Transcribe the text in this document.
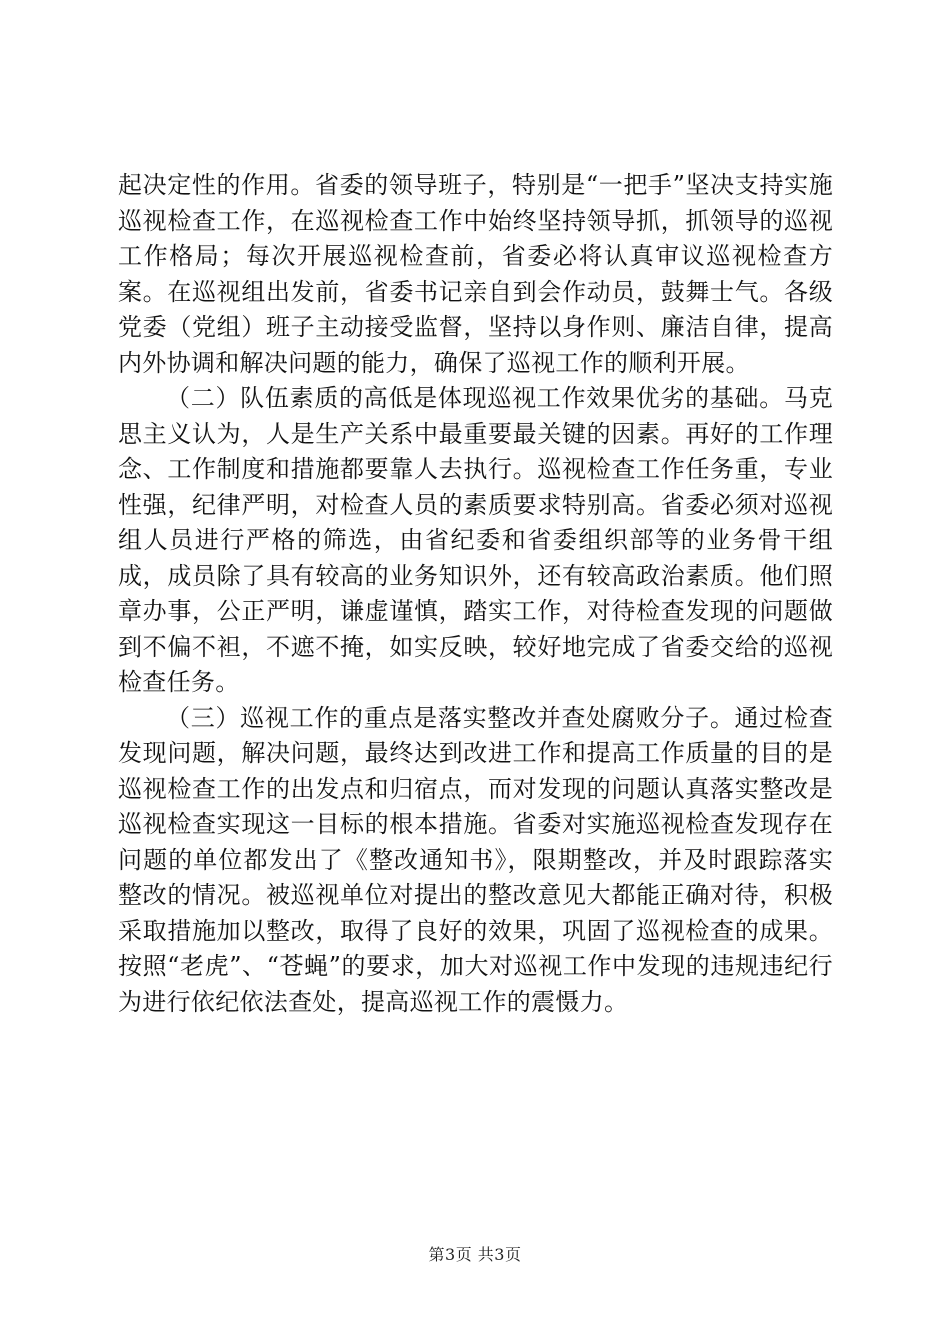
起决定性的作用。省委的领导班子，特别是“一把手”坚决支持实施巡视检查工作，在巡视检查工作中始终坚持领导抓，抓领导的巡视工作格局；每次开展巡视检查前，省委必将认真审议巡视检查方案。在巡视组出发前，省委书记亲自到会作动员，鼓舞士气。各级党委（党组）班子主动接受监督，坚持以身作则、廉洁自律，提高内外协调和解决问题的能力，确保了巡视工作的顺利开展。

（二）队伍素质的高低是体现巡视工作效果优劣的基础。马克思主义认为，人是生产关系中最重要最关键的因素。再好的工作理念、工作制度和措施都要靠人去执行。巡视检查工作任务重，专业性强，纪律严明，对检查人员的素质要求特别高。省委必须对巡视组人员进行严格的筛选，由省纪委和省委组织部等的业务骨干组成，成员除了具有较高的业务知识外，还有较高政治素质。他们照章办事，公正严明，谦虚谨慎，踏实工作，对待检查发现的问题做到不偏不袒，不遮不掩，如实反映，较好地完成了省委交给的巡视检查任务。

（三）巡视工作的重点是落实整改并查处腐败分子。通过检查发现问题，解决问题，最终达到改进工作和提高工作质量的目的是巡视检查工作的出发点和归宿点，而对发现的问题认真落实整改是巡视检查实现这一目标的根本措施。省委对实施巡视检查发现存在问题的单位都发出了《整改通知书》，限期整改，并及时跟踪落实整改的情况。被巡视单位对提出的整改意见大都能正确对待，积极采取措施加以整改，取得了良好的效果，巩固了巡视检查的成果。按照“老虎”、“苍蝇”的要求，加大对巡视工作中发现的违规违纪行为进行依纪依法查处，提高巡视工作的震慑力。

第3页 共3页
